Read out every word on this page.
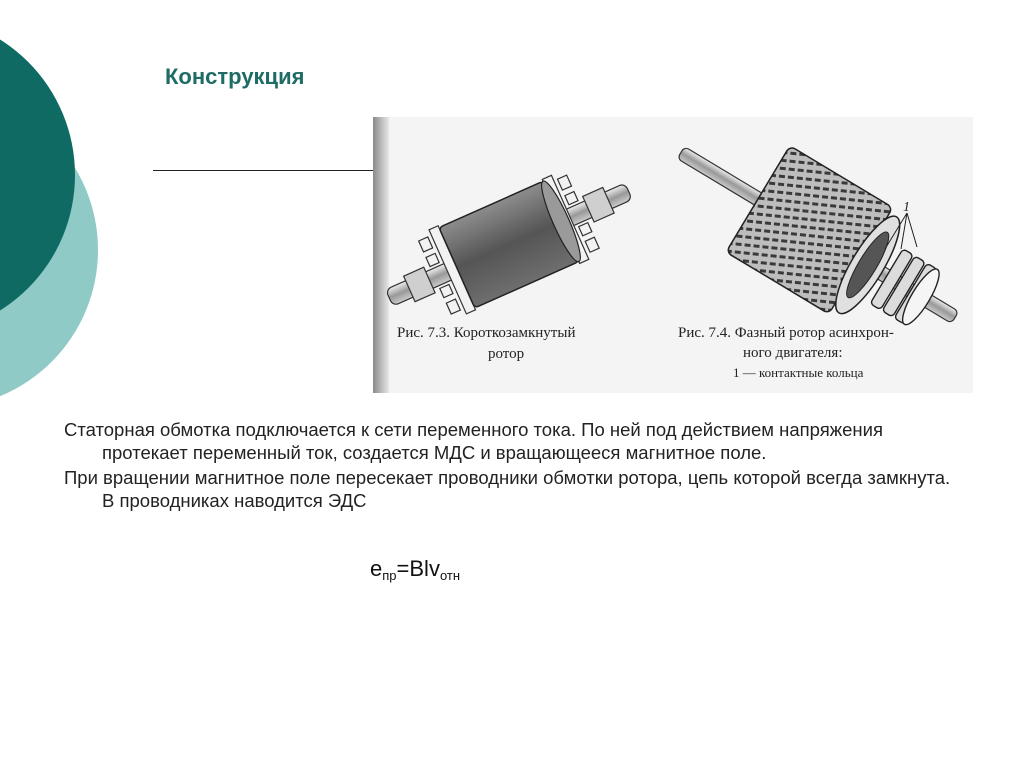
Конструкция
Рис. 7.3. Короткозамкнутый
ротор
1
Рис. 7.4. Фазный ротор асинхрон-
ного двигателя:
1 — контактные кольца

Статорная обмотка подключается к сети переменного тока. По ней под действием напряжения протекает переменный ток, создается МДС и вращающееся магнитное поле.

При вращении магнитное поле пересекает проводники обмотки ротора, цепь которой всегда замкнута. В проводниках наводится ЭДС

$e_{пр}=Blv_{отн}$
